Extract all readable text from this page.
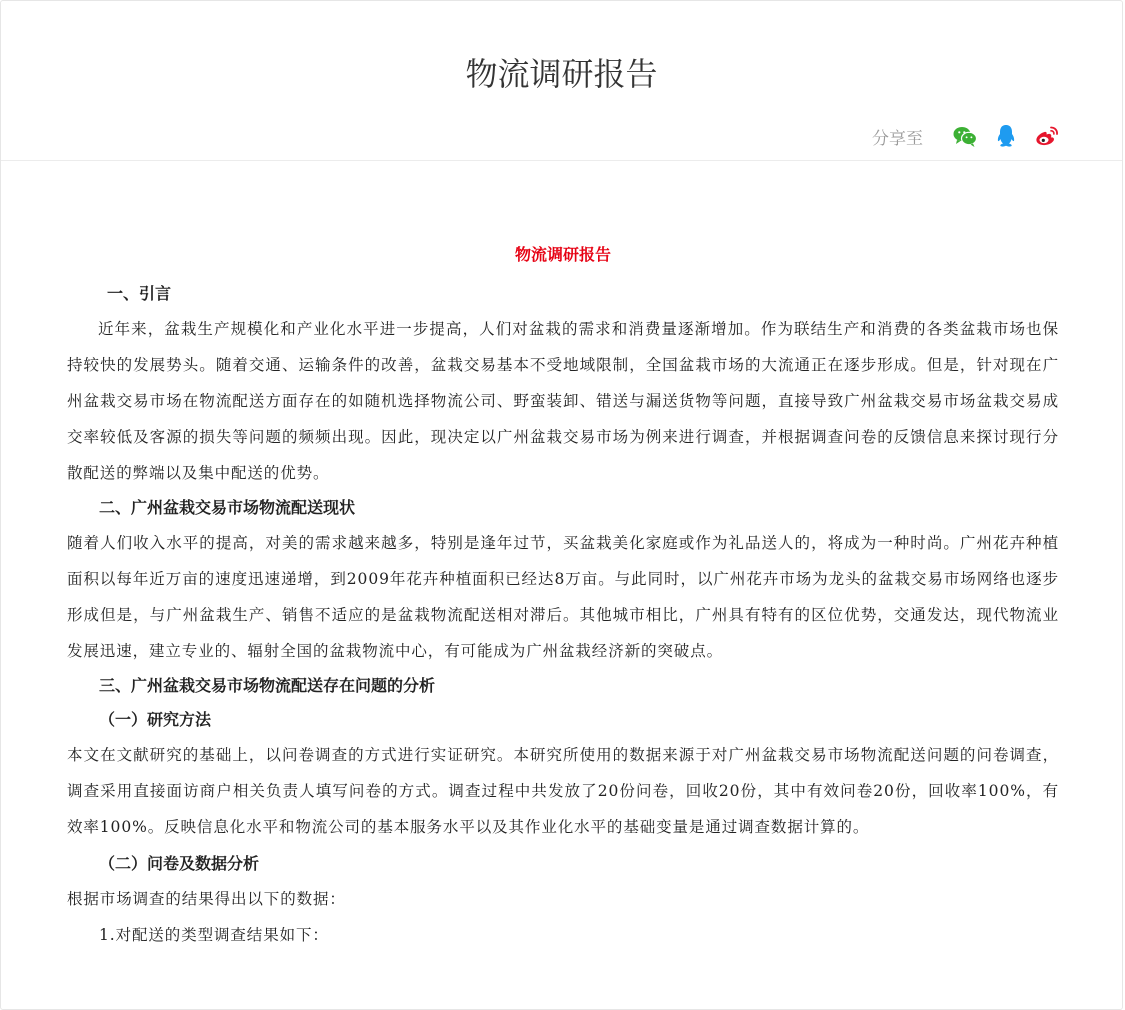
物流调研报告
分享至

物流调研报告

一、引言

近年来，盆栽生产规模化和产业化水平进一步提高，人们对盆栽的需求和消费量逐渐增加。作为联结生产和消费的各类盆栽市场也保持较快的发展势头。随着交通、运输条件的改善，盆栽交易基本不受地域限制，全国盆栽市场的大流通正在逐步形成。但是，针对现在广州盆栽交易市场在物流配送方面存在的如随机选择物流公司、野蛮装卸、错送与漏送货物等问题，直接导致广州盆栽交易市场盆栽交易成交率较低及客源的损失等问题的频频出现。因此，现决定以广州盆栽交易市场为例来进行调查，并根据调查问卷的反馈信息来探讨现行分散配送的弊端以及集中配送的优势。

二、广州盆栽交易市场物流配送现状

随着人们收入水平的提高，对美的需求越来越多，特别是逢年过节，买盆栽美化家庭或作为礼品送人的，将成为一种时尚。广州花卉种植面积以每年近万亩的速度迅速递增，到2009年花卉种植面积已经达8万亩。与此同时，以广州花卉市场为龙头的盆栽交易市场网络也逐步形成但是，与广州盆栽生产、销售不适应的是盆栽物流配送相对滞后。其他城市相比，广州具有特有的区位优势，交通发达，现代物流业发展迅速，建立专业的、辐射全国的盆栽物流中心，有可能成为广州盆栽经济新的突破点。

三、广州盆栽交易市场物流配送存在问题的分析

（一）研究方法

本文在文献研究的基础上，以问卷调查的方式进行实证研究。本研究所使用的数据来源于对广州盆栽交易市场物流配送问题的问卷调查，调查采用直接面访商户相关负责人填写问卷的方式。调查过程中共发放了20份问卷，回收20份，其中有效问卷20份，回收率100%，有效率100%。反映信息化水平和物流公司的基本服务水平以及其作业化水平的基础变量是通过调查数据计算的。

（二）问卷及数据分析

根据市场调查的结果得出以下的数据：

1.对配送的类型调查结果如下：
